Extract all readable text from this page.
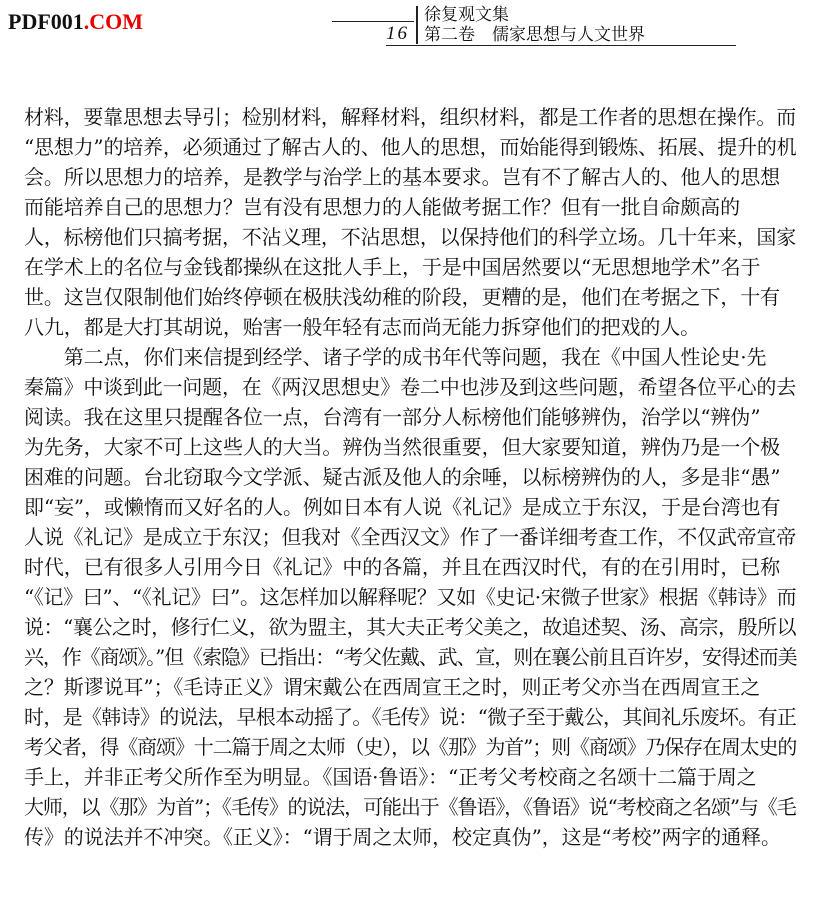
PDF001.COM	徐复观文集
16 第二卷　儒家思想与人文世界
材料，要靠思想去导引；检别材料，解释材料，组织材料，都是工作者的思想在操作。而
“思想力”的培养，必须通过了解古人的、他人的思想，而始能得到锻炼、拓展、提升的机
会。所以思想力的培养，是教学与治学上的基本要求。岂有不了解古人的、他人的思想
而能培养自己的思想力？岂有没有思想力的人能做考据工作？但有一批自命颇高的
人，标榜他们只搞考据，不沾义理，不沾思想，以保持他们的科学立场。几十年来，国家
在学术上的名位与金钱都操纵在这批人手上，于是中国居然要以“无思想地学术”名于
世。这岂仅限制他们始终停顿在极肤浅幼稚的阶段，更糟的是，他们在考据之下，十有
八九，都是大打其胡说，贻害一般年轻有志而尚无能力拆穿他们的把戏的人。
　　第二点，你们来信提到经学、诸子学的成书年代等问题，我在《中国人性论史·先
秦篇》中谈到此一问题，在《两汉思想史》卷二中也涉及到这些问题，希望各位平心的去
阅读。我在这里只提醒各位一点，台湾有一部分人标榜他们能够辨伪，治学以“辨伪”
为先务，大家不可上这些人的大当。辨伪当然很重要，但大家要知道，辨伪乃是一个极
困难的问题。台北窃取今文学派、疑古派及他人的余唾，以标榜辨伪的人，多是非“愚”
即“妄”，或懒惰而又好名的人。例如日本有人说《礼记》是成立于东汉，于是台湾也有
人说《礼记》是成立于东汉；但我对《全西汉文》作了一番详细考查工作，不仅武帝宣帝
时代，已有很多人引用今日《礼记》中的各篇，并且在西汉时代，有的在引用时，已称
“《记》曰”、“《礼记》曰”。这怎样加以解释呢？又如《史记·宋微子世家》根据《韩诗》而
说：“襄公之时，修行仁义，欲为盟主，其大夫正考父美之，故追述契、汤、高宗，殷所以
兴，作《商颂》。”但《索隐》已指出：“考父佐戴、武、宣，则在襄公前且百许岁，安得述而美
之？斯谬说耳”；《毛诗正义》谓宋戴公在西周宣王之时，则正考父亦当在西周宣王之
时，是《韩诗》的说法，早根本动摇了。《毛传》说：“微子至于戴公，其间礼乐废坏。有正
考父者，得《商颂》十二篇于周之太师（史），以《那》为首”；则《商颂》乃保存在周太史的
手上，并非正考父所作至为明显。《国语·鲁语》：“正考父考校商之名颂十二篇于周之
大师，以《那》为首”；《毛传》的说法，可能出于《鲁语》，《鲁语》说“考校商之名颂”与《毛
传》的说法并不冲突。《正义》：“谓于周之太师，校定真伪”，这是“考校”两字的通释。
